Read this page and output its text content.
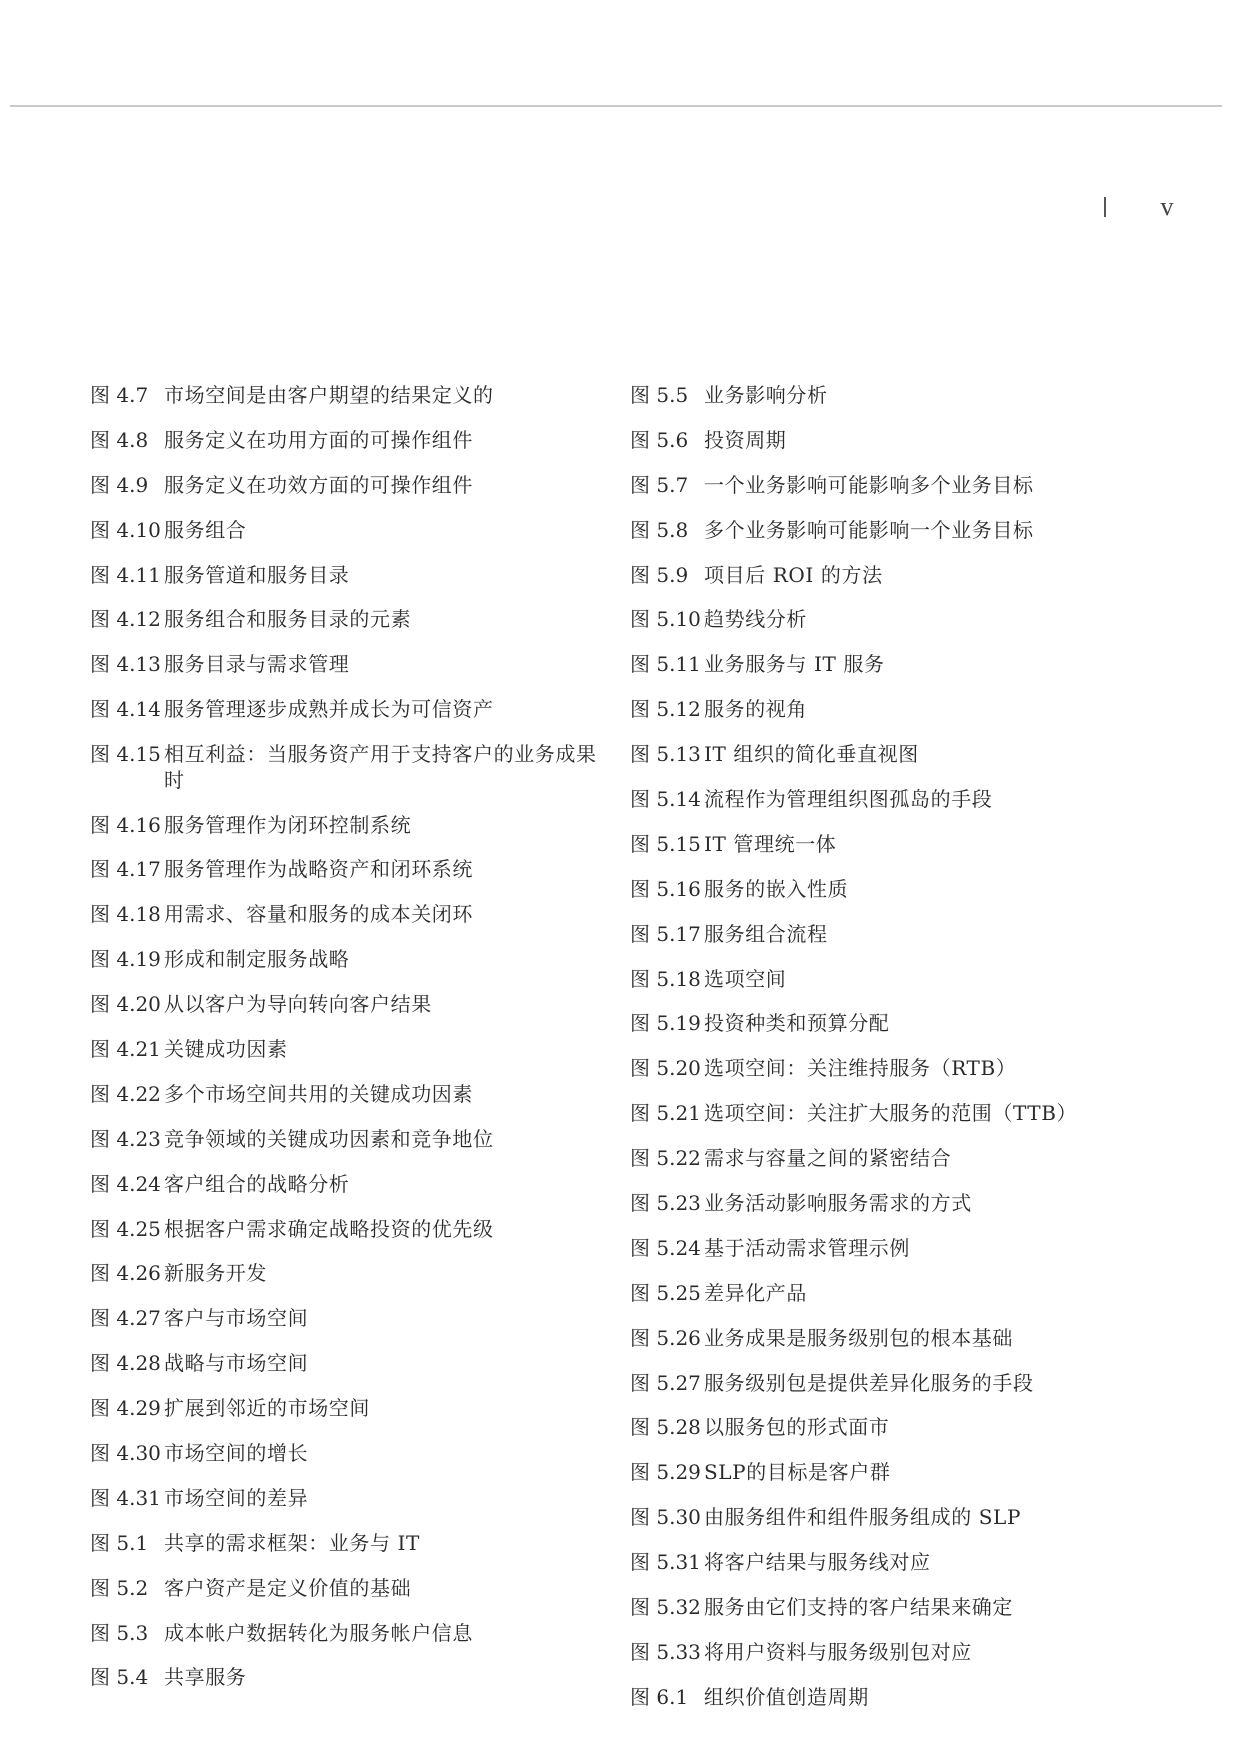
v
图 4.7 市场空间是由客户期望的结果定义的
图 4.8 服务定义在功用方面的可操作组件
图 4.9 服务定义在功效方面的可操作组件
图 4.10 服务组合
图 4.11 服务管道和服务目录
图 4.12 服务组合和服务目录的元素
图 4.13 服务目录与需求管理
图 4.14 服务管理逐步成熟并成长为可信资产
图 4.15 相互利益：当服务资产用于支持客户的业务成果时
图 4.16 服务管理作为闭环控制系统
图 4.17 服务管理作为战略资产和闭环系统
图 4.18 用需求、容量和服务的成本关闭环
图 4.19 形成和制定服务战略
图 4.20 从以客户为导向转向客户结果
图 4.21 关键成功因素
图 4.22 多个市场空间共用的关键成功因素
图 4.23 竞争领域的关键成功因素和竞争地位
图 4.24 客户组合的战略分析
图 4.25 根据客户需求确定战略投资的优先级
图 4.26 新服务开发
图 4.27 客户与市场空间
图 4.28 战略与市场空间
图 4.29 扩展到邻近的市场空间
图 4.30 市场空间的增长
图 4.31 市场空间的差异
图 5.1 共享的需求框架：业务与 IT
图 5.2 客户资产是定义价值的基础
图 5.3 成本帐户数据转化为服务帐户信息
图 5.4 共享服务
图 5.5 业务影响分析
图 5.6 投资周期
图 5.7 一个业务影响可能影响多个业务目标
图 5.8 多个业务影响可能影响一个业务目标
图 5.9 项目后 ROI 的方法
图 5.10 趋势线分析
图 5.11 业务服务与 IT 服务
图 5.12 服务的视角
图 5.13 IT 组织的简化垂直视图
图 5.14 流程作为管理组织图孤岛的手段
图 5.15 IT 管理统一体
图 5.16 服务的嵌入性质
图 5.17 服务组合流程
图 5.18 选项空间
图 5.19 投资种类和预算分配
图 5.20 选项空间：关注维持服务（RTB）
图 5.21 选项空间：关注扩大服务的范围（TTB）
图 5.22 需求与容量之间的紧密结合
图 5.23 业务活动影响服务需求的方式
图 5.24 基于活动需求管理示例
图 5.25 差异化产品
图 5.26 业务成果是服务级别包的根本基础
图 5.27 服务级别包是提供差异化服务的手段
图 5.28 以服务包的形式面市
图 5.29 SLP的目标是客户群
图 5.30 由服务组件和组件服务组成的 SLP
图 5.31 将客户结果与服务线对应
图 5.32 服务由它们支持的客户结果来确定
图 5.33 将用户资料与服务级别包对应
图 6.1 组织价值创造周期
